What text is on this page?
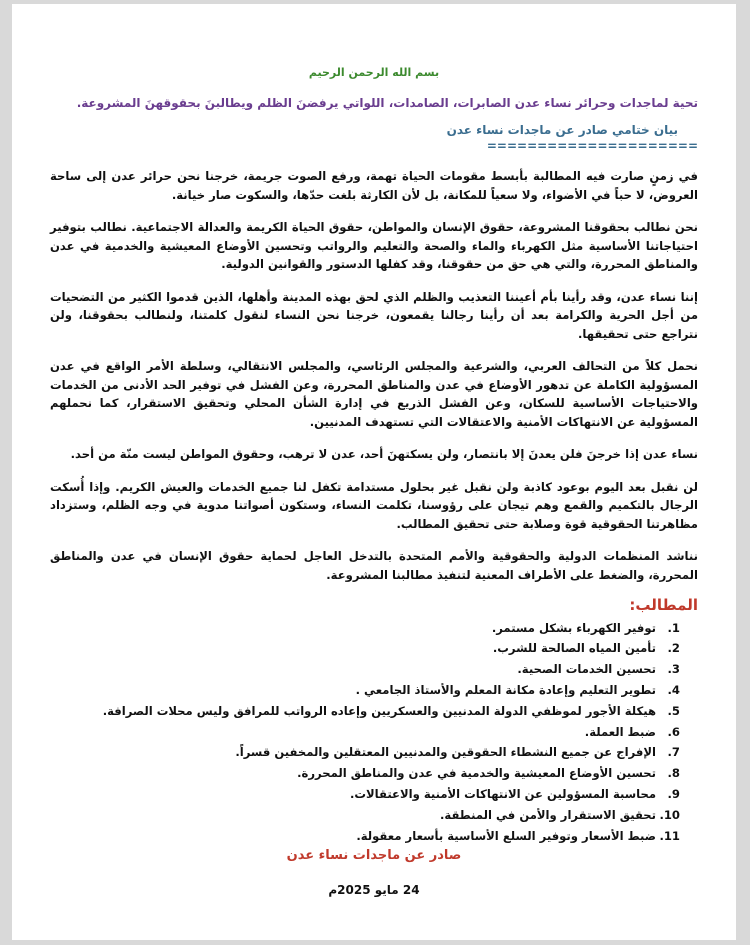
بسم الله الرحمن الرحيم
تحية لماجدات وحرائر نساء عدن الصابرات، الصامدات، اللواتي يرفضنَ الظلم ويطالبنَ بحقوقهنَ المشروعة.
بيان ختامي صادر عن ماجدات نساء عدن
=====================

في زمنٍ صارت فيه المطالبة بأبسط مقومات الحياة تهمة، ورفع الصوت جريمة، خرجنا نحن حرائر عدن إلى ساحة العروض، لا حباً في الأضواء، ولا سعياً للمكانة، بل لأن الكارثة بلغت حدّها، والسكوت صار خيانة.

نحن نطالب بحقوقنا المشروعة، حقوق الإنسان والمواطن، حقوق الحياة الكريمة والعدالة الاجتماعية. نطالب بتوفير احتياجاتنا الأساسية مثل الكهرباء والماء والصحة والتعليم والرواتب وتحسين الأوضاع المعيشية والخدمية في عدن والمناطق المحررة، والتي هي حق من حقوقنا، وقد كفلها الدستور والقوانين الدولية.

إننا نساء عدن، وقد رأينا بأم أعيننا التعذيب والظلم الذي لحق بهذه المدينة وأهلها، الذين قدموا الكثير من التضحيات من أجل الحرية والكرامة بعد أن رأينا رجالنا يقمعون، خرجنا نحن النساء لنقول كلمتنا، ولنطالب بحقوقنا، ولن نتراجع حتى تحقيقها.

نحمل كلاً من التحالف العربي، والشرعية والمجلس الرئاسي، والمجلس الانتقالي، وسلطة الأمر الواقع في عدن المسؤولية الكاملة عن تدهور الأوضاع في عدن والمناطق المحررة، وعن الفشل في توفير الحد الأدنى من الخدمات والاحتياجات الأساسية للسكان، وعن الفشل الذريع في إدارة الشأن المحلي وتحقيق الاستقرار، كما نحملهم المسؤولية عن الانتهاكات الأمنية والاعتقالات التي تستهدف المدنيين.

نساء عدن إذا خرجنَ فلن يعدنَ إلا بانتصار، ولن يسكتهنَ أحد، عدن لا ترهب، وحقوق المواطن ليست منّة من أحد.

لن نقبل بعد اليوم بوعود كاذبة ولن نقبل غير بحلول مستدامة تكفل لنا جميع الخدمات والعيش الكريم. وإذا أُسكت الرجال بالتكميم والقمع وهم تيجان على رؤوسنا، تكلمت النساء، وستكون أصواتنا مدوية في وجه الظلم، وستزداد مظاهرتنا الحقوقية قوة وصلابة حتى تحقيق المطالب.

نناشد المنظمات الدولية والحقوقية والأمم المتحدة بالتدخل العاجل لحماية حقوق الإنسان في عدن والمناطق المحررة، والضغط على الأطراف المعنية لتنفيذ مطالبنا المشروعة.

المطالب:
1.
توفير الكهرباء بشكل مستمر.
2.
تأمين المياه الصالحة للشرب.
3.
تحسين الخدمات الصحية.
4.
تطوير التعليم وإعادة مكانة المعلم والأستاذ الجامعي .
5.
هيكلة الأجور لموظفي الدولة المدنيين والعسكريين وإعاده الرواتب للمرافق وليس محلات الصرافة.
6.
ضبط العملة.
7.
الإفراج عن جميع النشطاء الحقوقين والمدنيين المعتقلين والمخفين قسراً.
8.
تحسين الأوضاع المعيشية والخدمية في عدن والمناطق المحررة.
9.
محاسبة المسؤولين عن الانتهاكات الأمنية والاعتقالات.
10.
تحقيق الاستقرار والأمن في المنطقة.
11.
ضبط الأسعار وتوفير السلع الأساسية بأسعار معقولة.
صادر عن ماجدات نساء عدن
24 مايو 2025م
